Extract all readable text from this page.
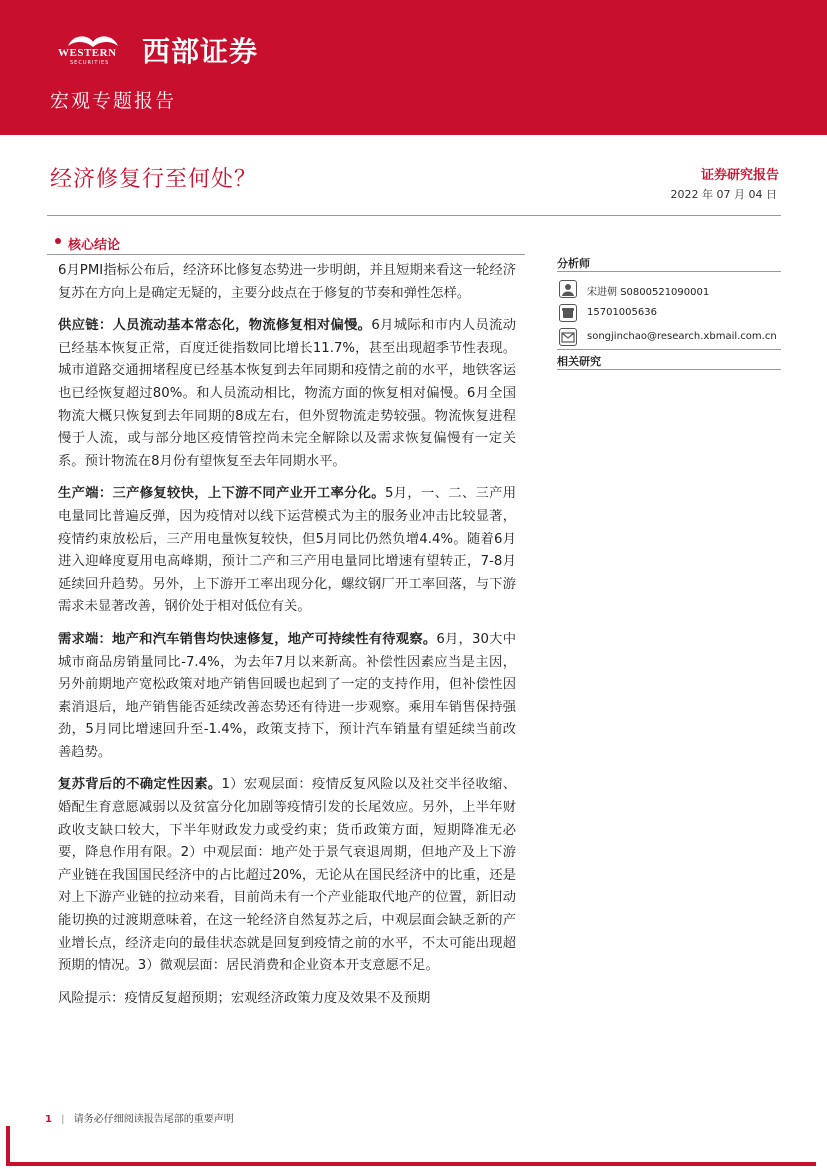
WESTERN
SECURITIES 西部证券
宏观专题报告
经济修复行至何处？	证券研究报告
2022 年 07 月 04 日
核心结论

6月PMI指标公布后，经济环比修复态势进一步明朗，并且短期来看这一轮经济复苏在方向上是确定无疑的，主要分歧点在于修复的节奏和弹性怎样。

供应链：人员流动基本常态化，物流修复相对偏慢。6月城际和市内人员流动已经基本恢复正常，百度迁徙指数同比增长11.7%，甚至出现超季节性表现。城市道路交通拥堵程度已经基本恢复到去年同期和疫情之前的水平，地铁客运也已经恢复超过80%。和人员流动相比，物流方面的恢复相对偏慢。6月全国物流大概只恢复到去年同期的8成左右，但外贸物流走势较强。物流恢复进程慢于人流，或与部分地区疫情管控尚未完全解除以及需求恢复偏慢有一定关系。预计物流在8月份有望恢复至去年同期水平。

生产端：三产修复较快，上下游不同产业开工率分化。5月，一、二、三产用电量同比普遍反弹，因为疫情对以线下运营模式为主的服务业冲击比较显著，疫情约束放松后，三产用电量恢复较快，但5月同比仍然负增4.4%。随着6月进入迎峰度夏用电高峰期，预计二产和三产用电量同比增速有望转正，7-8月延续回升趋势。另外，上下游开工率出现分化，螺纹钢厂开工率回落，与下游需求未显著改善，钢价处于相对低位有关。

需求端：地产和汽车销售均快速修复，地产可持续性有待观察。6月，30大中城市商品房销量同比-7.4%，为去年7月以来新高。补偿性因素应当是主因，另外前期地产宽松政策对地产销售回暖也起到了一定的支持作用，但补偿性因素消退后，地产销售能否延续改善态势还有待进一步观察。乘用车销售保持强劲，5月同比增速回升至-1.4%，政策支持下，预计汽车销量有望延续当前改善趋势。

复苏背后的不确定性因素。1）宏观层面：疫情反复风险以及社交半径收缩、婚配生育意愿减弱以及贫富分化加剧等疫情引发的长尾效应。另外，上半年财政收支缺口较大，下半年财政发力或受约束；货币政策方面，短期降准无必要，降息作用有限。2）中观层面：地产处于景气衰退周期，但地产及上下游产业链在我国国民经济中的占比超过20%，无论从在国民经济中的比重，还是对上下游产业链的拉动来看，目前尚未有一个产业能取代地产的位置，新旧动能切换的过渡期意味着，在这一轮经济自然复苏之后，中观层面会缺乏新的产业增长点，经济走向的最佳状态就是回复到疫情之前的水平，不太可能出现超预期的情况。3）微观层面：居民消费和企业资本开支意愿不足。

风险提示：疫情反复超预期；宏观经济政策力度及效果不及预期

分析师
宋进朝 S0800521090001
15701005636
songjinchao@research.xbmail.com.cn
相关研究
1 | 请务必仔细阅读报告尾部的重要声明
